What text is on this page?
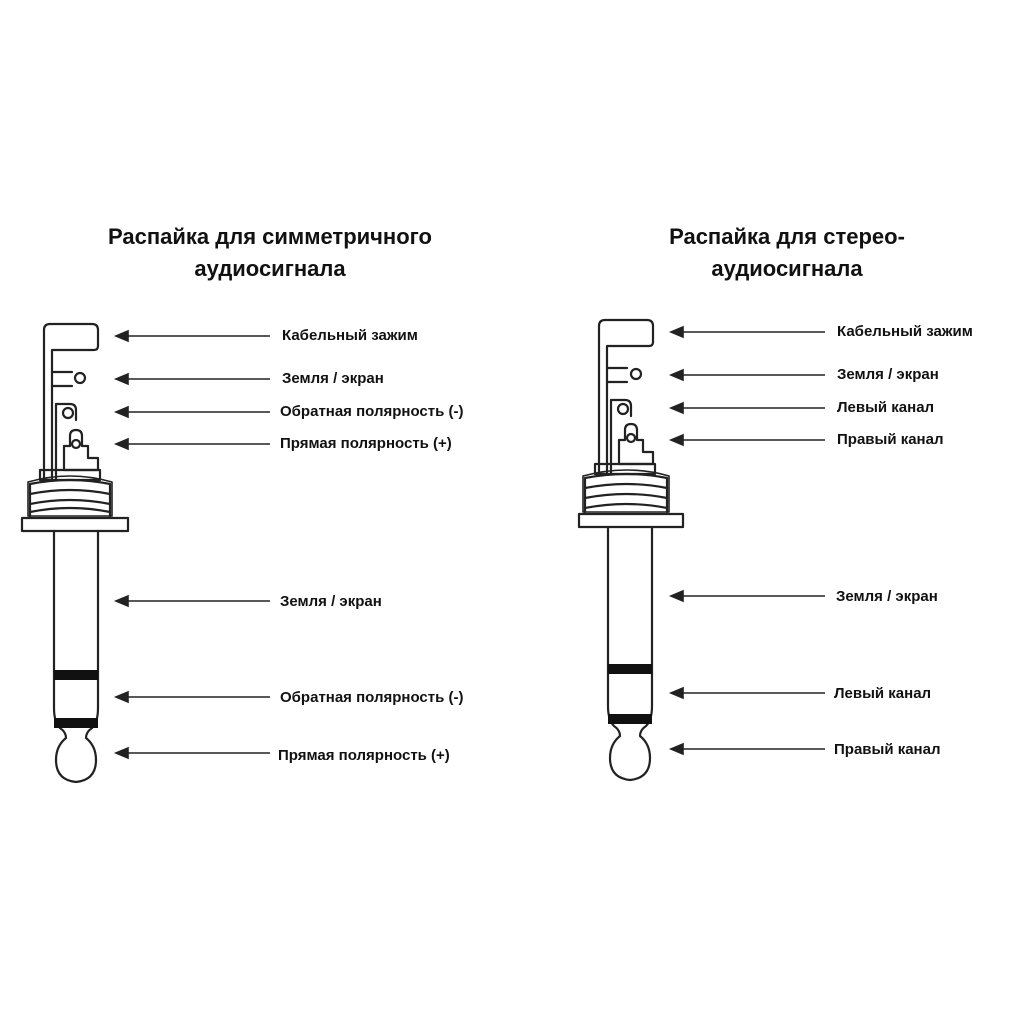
Распайка для симметричного
аудиосигнала
Кабельный зажим
Земля / экран
Обратная полярность (-)
Прямая полярность (+)
Земля / экран
Обратная полярность (-)
Прямая полярность (+)
Распайка для стерео-
аудиосигнала
Кабельный зажим
Земля / экран
Левый канал
Правый канал
Земля / экран
Левый канал
Правый канал
